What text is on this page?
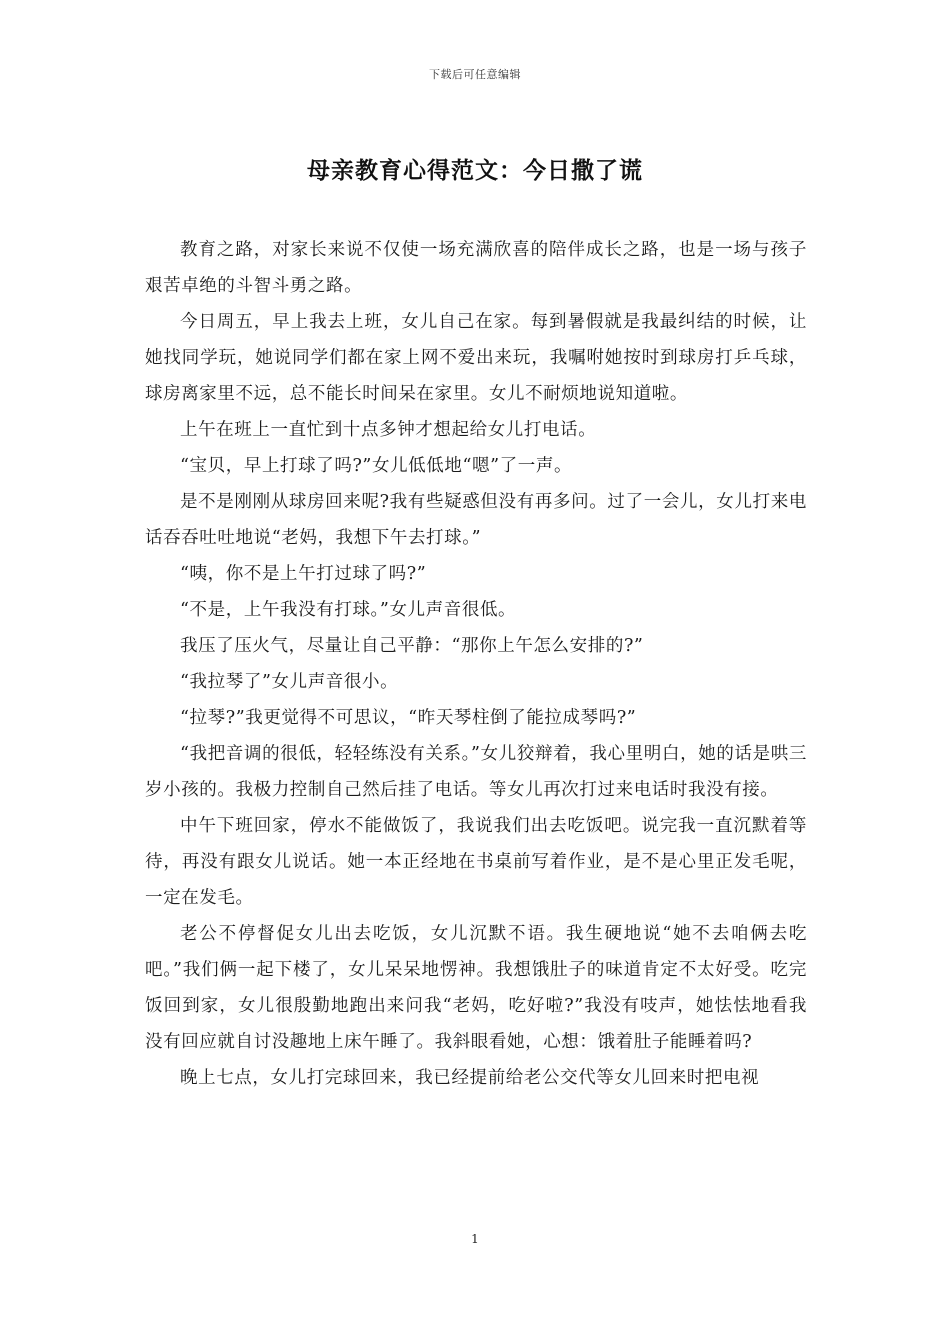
下载后可任意编辑
母亲教育心得范文：今日撒了谎

教育之路，对家长来说不仅使一场充满欣喜的陪伴成长之路，也是一场与孩子艰苦卓绝的斗智斗勇之路。

今日周五，早上我去上班，女儿自己在家。每到暑假就是我最纠结的时候，让她找同学玩，她说同学们都在家上网不爱出来玩，我嘱咐她按时到球房打乒乓球，球房离家里不远，总不能长时间呆在家里。女儿不耐烦地说知道啦。

上午在班上一直忙到十点多钟才想起给女儿打电话。

“宝贝，早上打球了吗?”女儿低低地“嗯”了一声。

是不是刚刚从球房回来呢?我有些疑惑但没有再多问。过了一会儿，女儿打来电话吞吞吐吐地说“老妈，我想下午去打球。”

“咦，你不是上午打过球了吗?”

“不是，上午我没有打球。”女儿声音很低。

我压了压火气，尽量让自己平静：“那你上午怎么安排的?”

“我拉琴了”女儿声音很小。

“拉琴?”我更觉得不可思议，“昨天琴柱倒了能拉成琴吗?”

“我把音调的很低，轻轻练没有关系。”女儿狡辩着，我心里明白，她的话是哄三岁小孩的。我极力控制自己然后挂了电话。等女儿再次打过来电话时我没有接。

中午下班回家，停水不能做饭了，我说我们出去吃饭吧。说完我一直沉默着等待，再没有跟女儿说话。她一本正经地在书桌前写着作业，是不是心里正发毛呢，一定在发毛。

老公不停督促女儿出去吃饭，女儿沉默不语。我生硬地说“她不去咱俩去吃吧。”我们俩一起下楼了，女儿呆呆地愣神。我想饿肚子的味道肯定不太好受。吃完饭回到家，女儿很殷勤地跑出来问我“老妈，吃好啦?”我没有吱声，她怯怯地看我没有回应就自讨没趣地上床午睡了。我斜眼看她，心想：饿着肚子能睡着吗?

晚上七点，女儿打完球回来，我已经提前给老公交代等女儿回来时把电视

1
